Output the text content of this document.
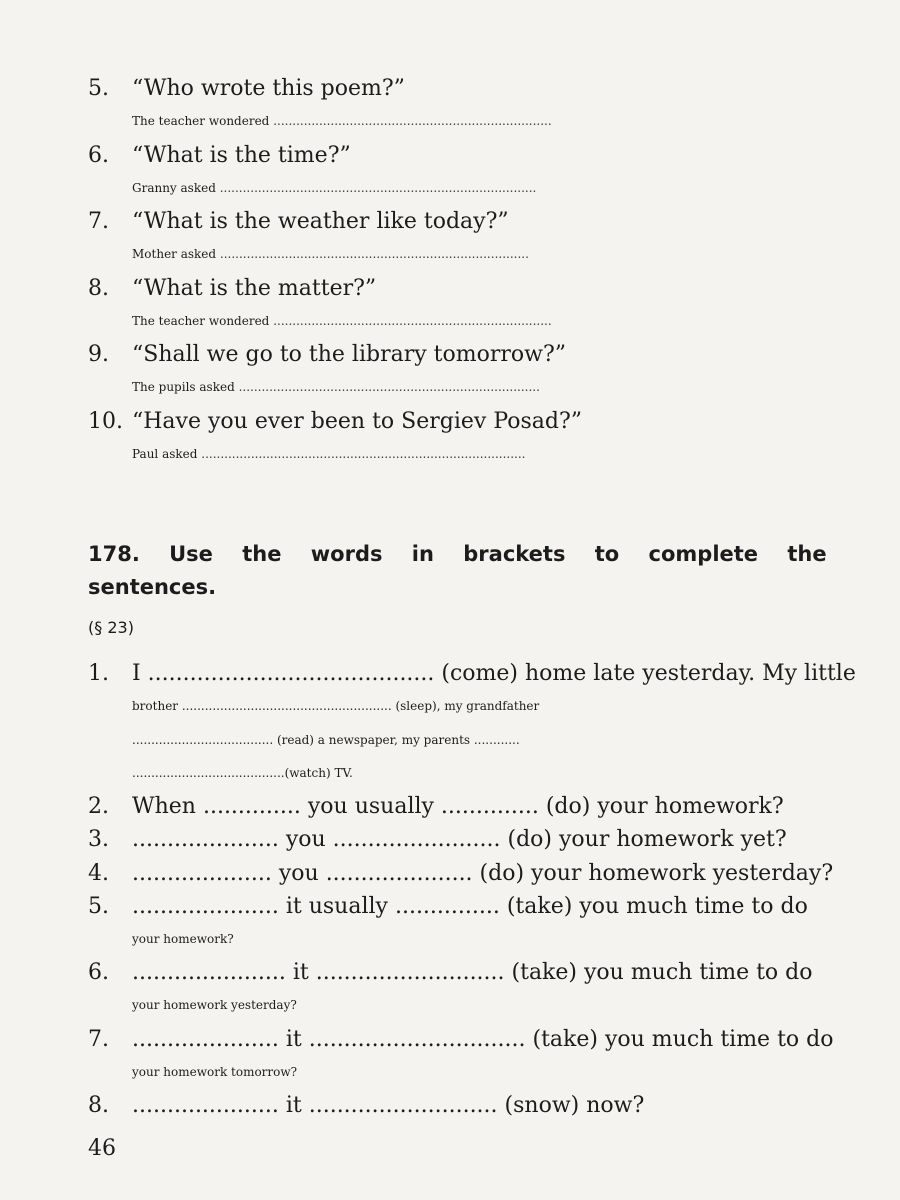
5. “Who wrote this poem?”
The teacher wondered .........................................................................
6. “What is the time?”
Granny asked ...................................................................................
7. “What is the weather like today?”
Mother asked .................................................................................
8. “What is the matter?”
The teacher wondered .........................................................................
9. “Shall we go to the library tomorrow?”
The pupils asked ...............................................................................
10. “Have you ever been to Sergiev Posad?”
Paul asked .....................................................................................
178. Use the words in brackets to complete the
sentences.
(§ 23)
1. I ......................................... (come) home late yesterday. My little
brother ....................................................... (sleep), my grandfather
..................................... (read) a newspaper, my parents ............
........................................(watch) TV.
2. When .............. you usually .............. (do) your homework?
3. ..................... you ........................ (do) your homework yet?
4. .................... you ..................... (do) your homework yesterday?
5. ..................... it usually ............... (take) you much time to do
your homework?
6. ...................... it ........................... (take) you much time to do
your homework yesterday?
7. ..................... it ............................... (take) you much time to do
your homework tomorrow?
8. ..................... it ........................... (snow) now?
46
